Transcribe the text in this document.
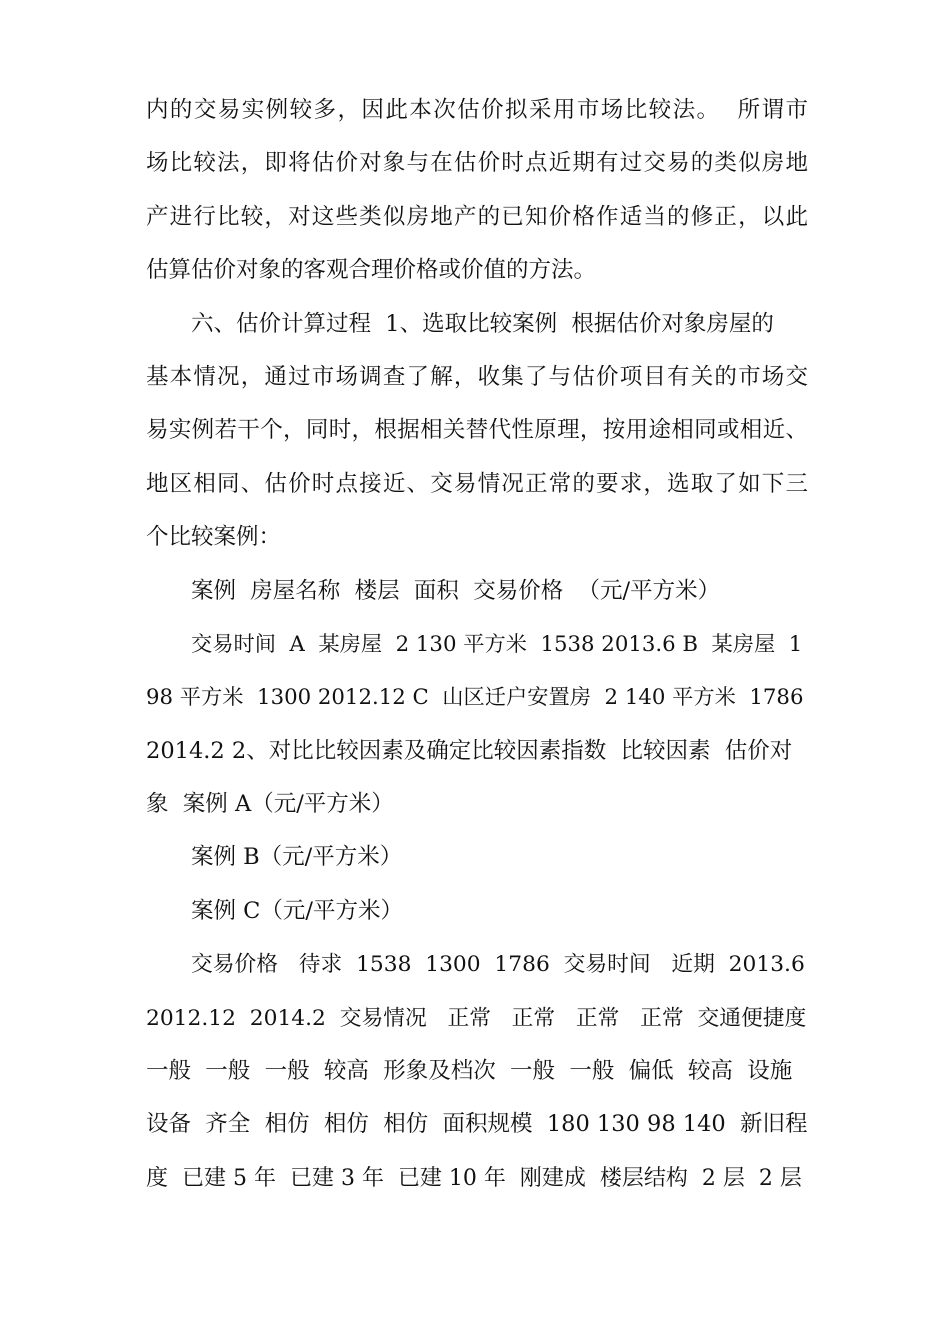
内的交易实例较多，因此本次估价拟采用市场比较法。  所谓市
场比较法，即将估价对象与在估价时点近期有过交易的类似房地
产进行比较，对这些类似房地产的已知价格作适当的修正，以此
估算估价对象的客观合理价格或价值的方法。
六、估价计算过程  1、选取比较案例  根据估价对象房屋的
基本情况，通过市场调查了解，收集了与估价项目有关的市场交
易实例若干个，同时，根据相关替代性原理，按用途相同或相近、
地区相同、估价时点接近、交易情况正常的要求，选取了如下三
个比较案例：
案例  房屋名称  楼层  面积  交易价格  （元/平方米）
交易时间  A  某房屋  2 130 平方米  1538 2013.6 B  某房屋  1
98 平方米  1300 2012.12 C  山区迁户安置房  2 140 平方米  1786
2014.2 2、对比比较因素及确定比较因素指数  比较因素  估价对
象  案例 A（元/平方米）
案例 B（元/平方米）
案例 C（元/平方米）
交易价格   待求  1538  1300  1786  交易时间   近期  2013.6
2012.12  2014.2  交易情况   正常   正常   正常   正常  交通便捷度
一般  一般  一般  较高  形象及档次  一般  一般  偏低  较高  设施
设备  齐全  相仿  相仿  相仿  面积规模  180 130 98 140  新旧程
度  已建 5 年  已建 3 年  已建 10 年  刚建成  楼层结构  2 层  2 层
